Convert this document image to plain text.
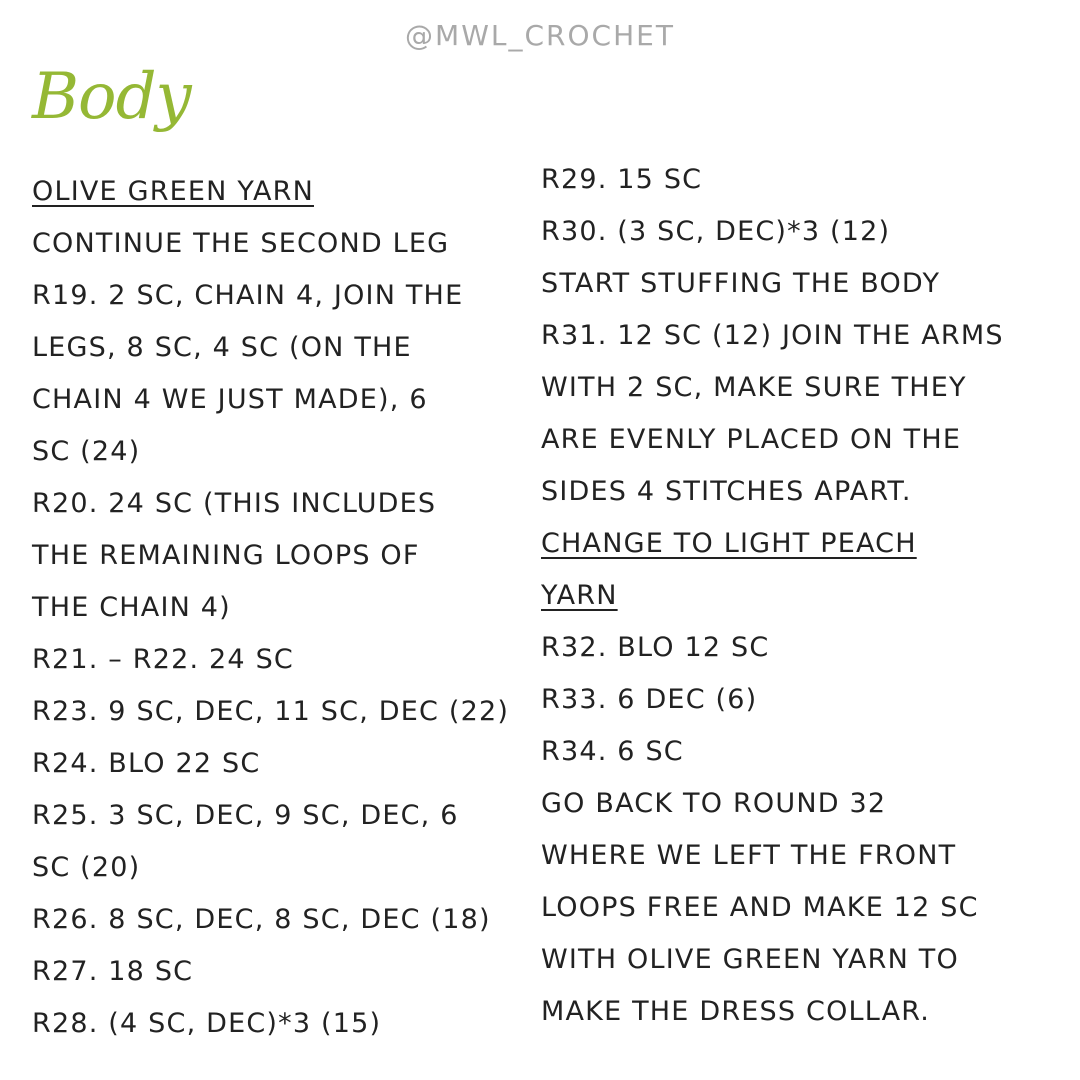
@MWL_CROCHET
Body
OLIVE GREEN YARN
CONTINUE THE SECOND LEG
R19. 2 SC, CHAIN 4, JOIN THE
LEGS, 8 SC, 4 SC (ON THE
CHAIN 4 WE JUST MADE), 6
SC (24)
R20. 24 SC (THIS INCLUDES
THE REMAINING LOOPS OF
THE CHAIN 4)
R21. – R22. 24 SC
R23. 9 SC, DEC, 11 SC, DEC (22)
R24. BLO 22 SC
R25. 3 SC, DEC, 9 SC, DEC, 6
SC (20)
R26. 8 SC, DEC, 8 SC, DEC (18)
R27. 18 SC
R28. (4 SC, DEC)*3 (15)
R29. 15 SC
R30. (3 SC, DEC)*3 (12)
START STUFFING THE BODY
R31. 12 SC (12) JOIN THE ARMS
WITH 2 SC, MAKE SURE THEY
ARE EVENLY PLACED ON THE
SIDES 4 STITCHES APART.
CHANGE TO LIGHT PEACH
YARN
R32. BLO 12 SC
R33. 6 DEC (6)
R34. 6 SC
GO BACK TO ROUND 32
WHERE WE LEFT THE FRONT
LOOPS FREE AND MAKE 12 SC
WITH OLIVE GREEN YARN TO
MAKE THE DRESS COLLAR.
